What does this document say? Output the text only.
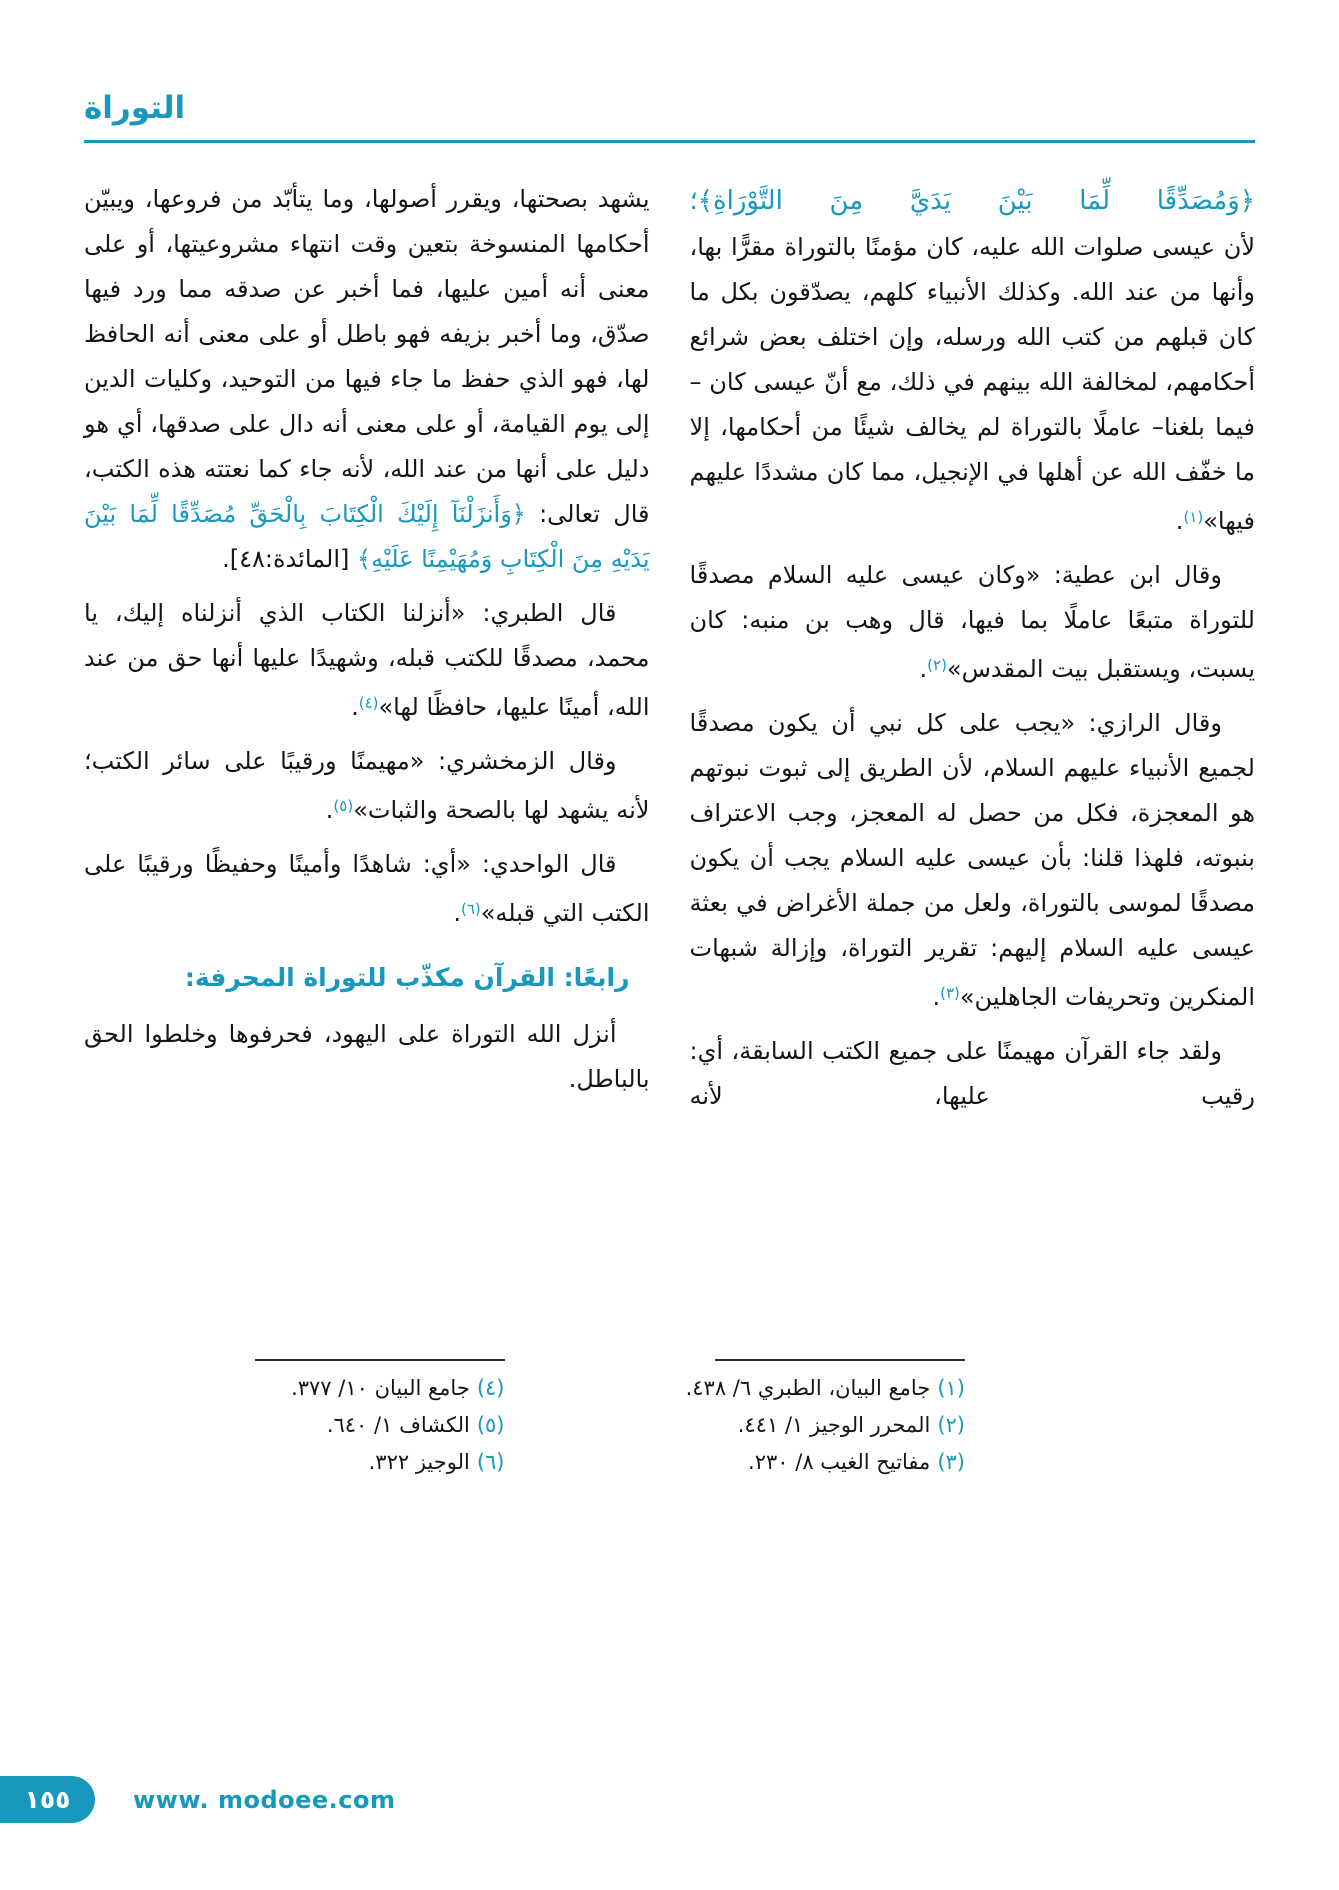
التوراة

﴿وَمُصَدِّقًا لِّمَا بَيْنَ يَدَيَّ مِنَ التَّوْرَاةِ﴾؛
لأن عيسى صلوات الله عليه، كان مؤمنًا بالتوراة مقرًّا بها، وأنها من عند الله. وكذلك الأنبياء كلهم، يصدّقون بكل ما كان قبلهم من كتب الله ورسله، وإن اختلف بعض شرائع أحكامهم، لمخالفة الله بينهم في ذلك، مع أنّ عيسى كان –فيما بلغنا– عاملًا بالتوراة لم يخالف شيئًا من أحكامها، إلا ما خفّف الله عن أهلها في الإنجيل، مما كان مشددًا عليهم فيها»$^{(١)}$.

وقال ابن عطية: «وكان عيسى عليه السلام مصدقًا للتوراة متبعًا عاملًا بما فيها، قال وهب بن منبه: كان يسبت، ويستقبل بيت المقدس»$^{(٢)}$.

وقال الرازي: «يجب على كل نبي أن يكون مصدقًا لجميع الأنبياء عليهم السلام، لأن الطريق إلى ثبوت نبوتهم هو المعجزة، فكل من حصل له المعجز، وجب الاعتراف بنبوته، فلهذا قلنا: بأن عيسى عليه السلام يجب أن يكون مصدقًا لموسى بالتوراة، ولعل من جملة الأغراض في بعثة عيسى عليه السلام إليهم: تقرير التوراة، وإزالة شبهات المنكرين وتحريفات الجاهلين»$^{(٣)}$.

ولقد جاء القرآن مهيمنًا على جميع الكتب السابقة، أي: رقيب عليها، لأنه

(١)جامع البيان، الطبري ٦/ ٤٣٨.
(٢)المحرر الوجيز ١/ ٤٤١.
(٣)مفاتيح الغيب ٨/ ٢٣٠.

يشهد بصحتها، ويقرر أصولها، وما يتأبّد من فروعها، ويبيّن أحكامها المنسوخة بتعين وقت انتهاء مشروعيتها، أو على معنى أنه أمين عليها، فما أخبر عن صدقه مما ورد فيها صدّق، وما أخبر بزيفه فهو باطل أو على معنى أنه الحافظ لها، فهو الذي حفظ ما جاء فيها من التوحيد، وكليات الدين إلى يوم القيامة، أو على معنى أنه دال على صدقها، أي هو دليل على أنها من عند الله، لأنه جاء كما نعتته هذه الكتب، قال تعالى: ﴿وَأَنزَلْنَآ إِلَيْكَ الْكِتَابَ بِالْحَقِّ مُصَدِّقًا لِّمَا بَيْنَ يَدَيْهِ مِنَ الْكِتَابِ وَمُهَيْمِنًا عَلَيْهِ﴾ [المائدة:٤٨].

قال الطبري: «أنزلنا الكتاب الذي أنزلناه إليك، يا محمد، مصدقًا للكتب قبله، وشهيدًا عليها أنها حق من عند الله، أمينًا عليها، حافظًا لها»$^{(٤)}$.

وقال الزمخشري: «مهيمنًا ورقيبًا على سائر الكتب؛ لأنه يشهد لها بالصحة والثبات»$^{(٥)}$.

قال الواحدي: «أي: شاهدًا وأمينًا وحفيظًا ورقيبًا على الكتب التي قبله»$^{(٦)}$.

رابعًا: القرآن مكذّب للتوراة المحرفة:

أنزل الله التوراة على اليهود، فحرفوها وخلطوا الحق بالباطل.

(٤)جامع البيان ١٠/ ٣٧٧.
(٥)الكشاف ١/ ٦٤٠.
(٦)الوجيز ٣٢٢.
١٥٥	www. modoee.com
